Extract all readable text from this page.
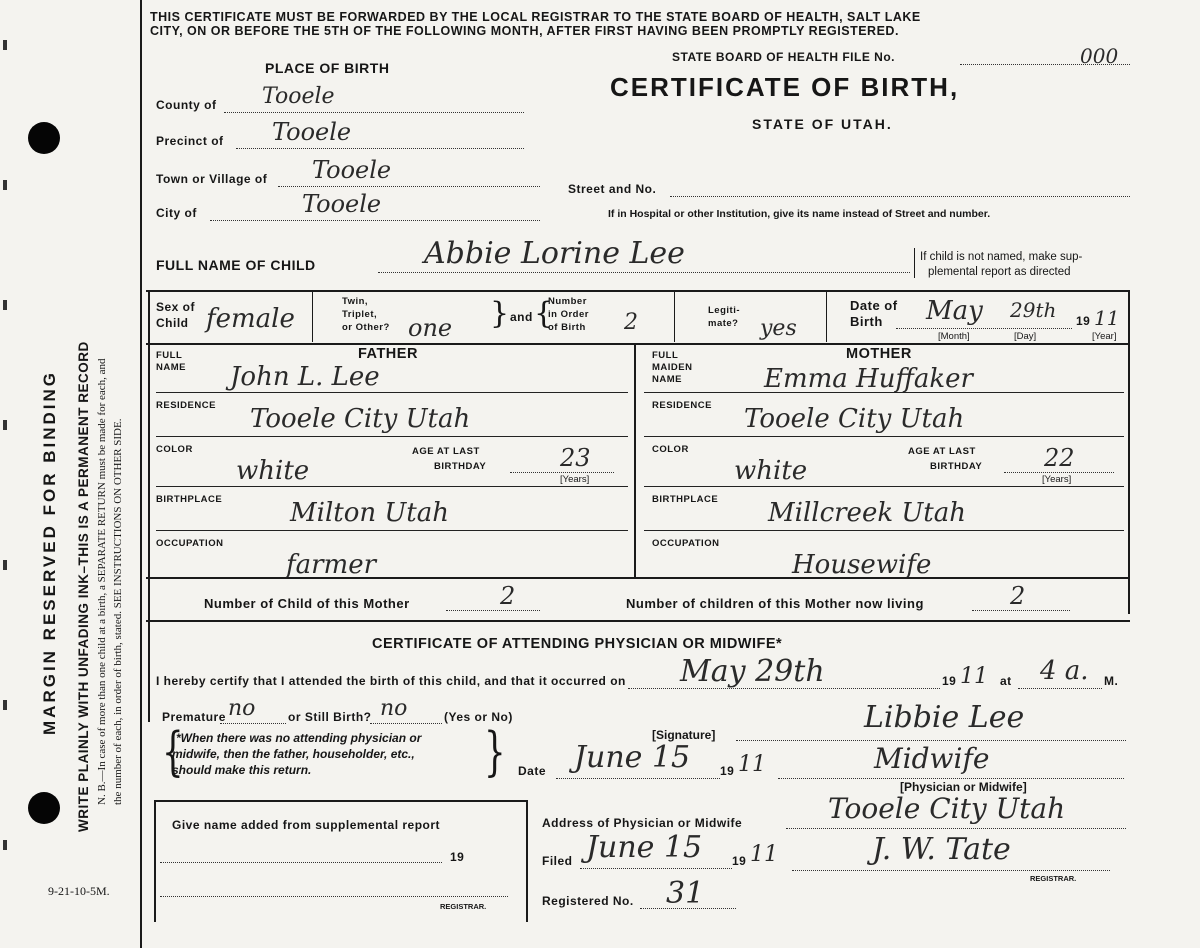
MARGIN RESERVED FOR BINDING WRITE PLAINLY WITH UNFADING INK–THIS IS A PERMANENT RECORD N. B.—In case of more than one child at a birth, a SEPARATE RETURN must be made for each, and the number of each, in order of birth, stated. SEE INSTRUCTIONS ON OTHER SIDE.
9-21-10-5M.
THIS CERTIFICATE MUST BE FORWARDED BY THE LOCAL REGISTRAR TO THE STATE BOARD OF HEALTH, SALT LAKE
CITY, ON OR BEFORE THE 5TH OF THE FOLLOWING MONTH, AFTER FIRST HAVING BEEN PROMPTLY REGISTERED.
STATE BOARD OF HEALTH FILE No.	000
CERTIFICATE OF BIRTH,
STATE OF UTAH.
PLACE OF BIRTH
County of Tooele
Precinct of Tooele
Town or Village of Tooele
City of	Tooele
Street and No.
If in Hospital or other Institution, give its name instead of Street and number.
FULL NAME OF CHILD	Abbie Lorine Lee	If child is not named, make sup-
plemental report as directed
Sex of
Child female
Twin,
Triplet,
or Other? one } and {
Number
in Order
of Birth 2	Legiti-
mate? yes
Date of
Birth May 29th 19 11
[Month]	[Day]	[Year]
FATHER
FULL
NAME John L. Lee
RESIDENCE Tooele City Utah
COLOR
white
AGE AT LAST
BIRTHDAY	23
[Years]
BIRTHPLACE	Milton Utah
OCCUPATION
farmer
MOTHER
FULL
MAIDEN
NAME	Emma Huffaker
RESIDENCE Tooele City Utah
COLOR
white
AGE AT LAST
BIRTHDAY	22
[Years]
BIRTHPLACE Millcreek Utah
OCCUPATION
Housewife
Number of Child of this Mother	2	Number of children of this Mother now living	2
CERTIFICATE OF ATTENDING PHYSICIAN OR MIDWIFE*
I hereby certify that I attended the birth of this child, and that it occurred on May 29th	19 11 at 4 a. M.
Premature no	or Still Birth? no	(Yes or No)
[Signature]	Libbie Lee
{
*When there was no attending physician or
midwife, then the father, householder, etc.,
should make this return.	} Date June 15 19 11	Midwife
[Physician or Midwife]
Give name added from supplemental report
19
REGISTRAR.
Address of Physician or Midwife	Tooele City Utah
Filed June 15 19 11	J. W. Tate
REGISTRAR.
Registered No. 31
